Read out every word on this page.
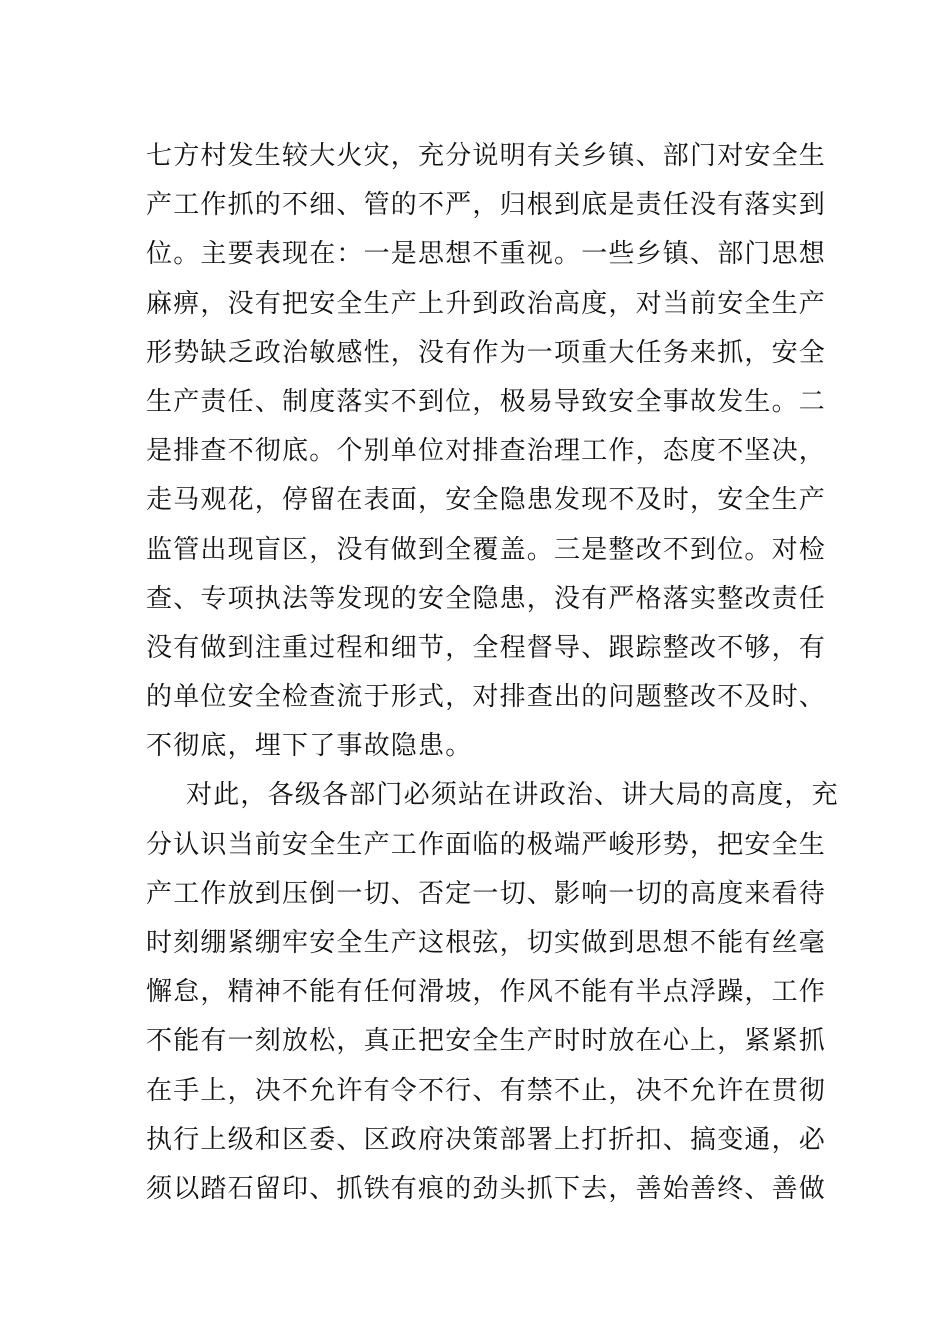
七方村发生较大火灾，充分说明有关乡镇、部门对安全生
产工作抓的不细、管的不严，归根到底是责任没有落实到
位。主要表现在：一是思想不重视。一些乡镇、部门思想
麻痹，没有把安全生产上升到政治高度，对当前安全生产
形势缺乏政治敏感性，没有作为一项重大任务来抓，安全
生产责任、制度落实不到位，极易导致安全事故发生。二
是排查不彻底。个别单位对排查治理工作，态度不坚决，
走马观花，停留在表面，安全隐患发现不及时，安全生产
监管出现盲区，没有做到全覆盖。三是整改不到位。对检
查、专项执法等发现的安全隐患，没有严格落实整改责任
没有做到注重过程和细节，全程督导、跟踪整改不够，有
的单位安全检查流于形式，对排查出的问题整改不及时、
不彻底，埋下了事故隐患。
对此，各级各部门必须站在讲政治、讲大局的高度，充
分认识当前安全生产工作面临的极端严峻形势，把安全生
产工作放到压倒一切、否定一切、影响一切的高度来看待
时刻绷紧绷牢安全生产这根弦，切实做到思想不能有丝毫
懈怠，精神不能有任何滑坡，作风不能有半点浮躁，工作
不能有一刻放松，真正把安全生产时时放在心上，紧紧抓
在手上，决不允许有令不行、有禁不止，决不允许在贯彻
执行上级和区委、区政府决策部署上打折扣、搞变通，必
须以踏石留印、抓铁有痕的劲头抓下去，善始善终、善做
